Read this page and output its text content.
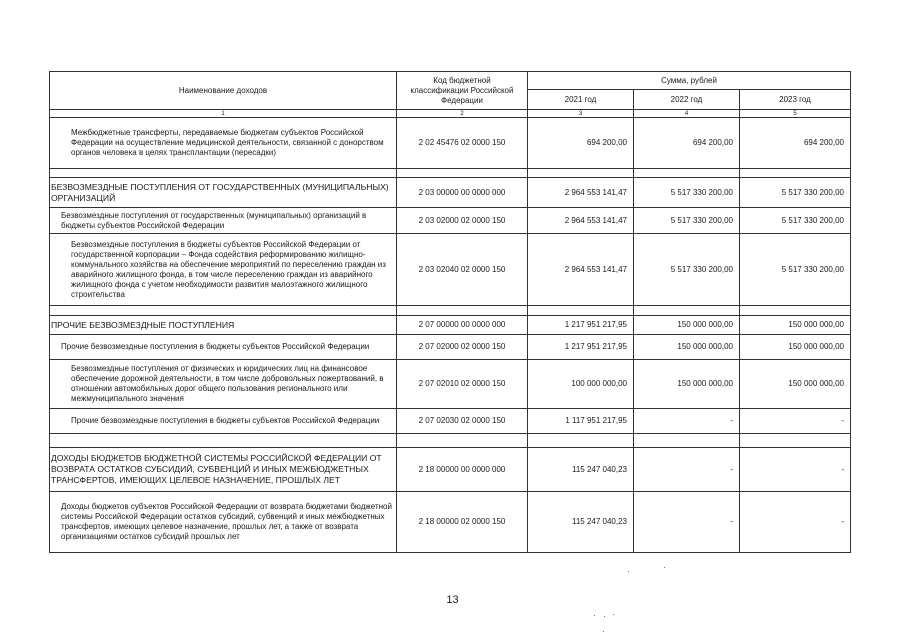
Наименование доходов
Код бюджетной классификации Российской Федерации
Сумма, рублей
2021 год	2022 год	2023 год
1	2	3	4	5
Межбюджетные трансферты, передаваемые бюджетам субъектов Российской Федерации на осуществление медицинской деятельности, связанной с донорством органов человека в целях трансплантации (пересадки)
2 02 45476 02 0000 150	694 200,00	694 200,00	694 200,00
БЕЗВОЗМЕЗДНЫЕ ПОСТУПЛЕНИЯ ОТ ГОСУДАРСТВЕННЫХ (МУНИЦИПАЛЬНЫХ) ОРГАНИЗАЦИЙ
2 03 00000 00 0000 000	2 964 553 141,47	5 517 330 200,00	5 517 330 200,00
Безвозмездные поступления от государственных (муниципальных) организаций в бюджеты субъектов Российской Федерации
2 03 02000 02 0000 150	2 964 553 141,47	5 517 330 200,00	5 517 330 200,00
Безвозмездные поступления в бюджеты субъектов Российской Федерации от государственной корпорации – Фонда содействия реформированию жилищно-коммунального хозяйства на обеспечение мероприятий по переселению граждан из аварийного жилищного фонда, в том числе переселению граждан из аварийного жилищного фонда с учетом необходимости развития малоэтажного жилищного строительства
2 03 02040 02 0000 150	2 964 553 141,47	5 517 330 200,00	5 517 330 200,00
ПРОЧИЕ БЕЗВОЗМЕЗДНЫЕ ПОСТУПЛЕНИЯ	2 07 00000 00 0000 000	1 217 951 217,95	150 000 000,00	150 000 000,00
Прочие безвозмездные поступления в бюджеты субъектов Российской Федерации	2 07 02000 02 0000 150	1 217 951 217,95	150 000 000,00	150 000 000,00
Безвозмездные поступления от физических и юридических лиц на финансовое обеспечение дорожной деятельности, в том числе добровольных пожертвований, в отношении автомобильных дорог общего пользования регионального или межмуниципального значения
2 07 02010 02 0000 150	100 000 000,00	150 000 000,00	150 000 000,00
Прочие безвозмездные поступления в бюджеты субъектов Российской Федерации	2 07 02030 02 0000 150	1 117 951 217,95	-	-
ДОХОДЫ БЮДЖЕТОВ БЮДЖЕТНОЙ СИСТЕМЫ РОССИЙСКОЙ ФЕДЕРАЦИИ ОТ ВОЗВРАТА ОСТАТКОВ СУБСИДИЙ, СУБВЕНЦИЙ И ИНЫХ МЕЖБЮДЖЕТНЫХ ТРАНСФЕРТОВ, ИМЕЮЩИХ ЦЕЛЕВОЕ НАЗНАЧЕНИЕ, ПРОШЛЫХ ЛЕТ
2 18 00000 00 0000 000	115 247 040,23	-	-
Доходы бюджетов субъектов Российской Федерации от возврата бюджетами бюджетной системы Российской Федерации остатков субсидий, субвенций и иных межбюджетных трансфертов, имеющих целевое назначение, прошлых лет, а также от возврата организациями остатков субсидий прошлых лет
2 18 00000 02 0000 150	115 247 040,23	-	-
13
